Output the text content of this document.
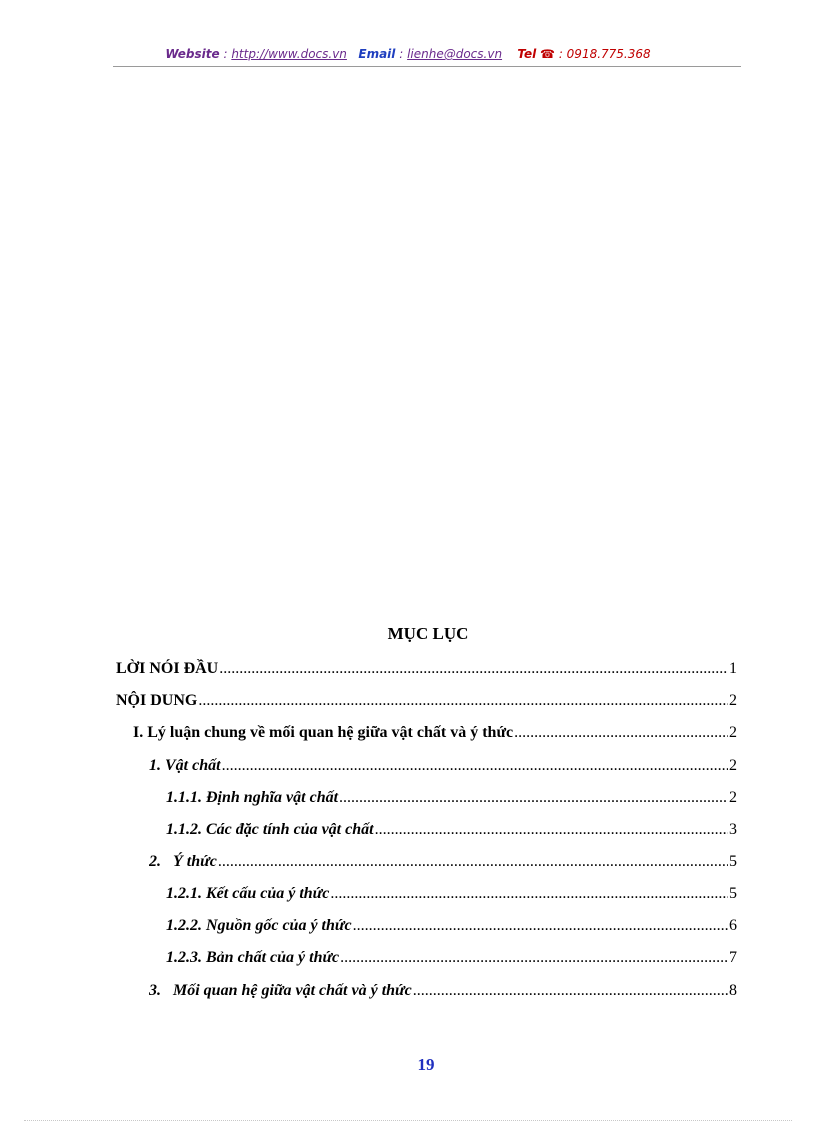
Website : http://www.docs.vn Email : lienhe@docs.vn Tel ☎ : 0918.775.368
MỤC LỤC
LỜI NÓI ĐẦU .....	1
NỘI DUNG .....	2
I. Lý luận chung về mối quan hệ giữa vật chất và ý thức .....	2
1. Vật chất .....	2
1.1.1. Định nghĩa vật chất .....	2
1.1.2. Các đặc tính của vật chất .....	3
2.   Ý thức .....	5
1.2.1. Kết cấu của ý thức .....	5
1.2.2. Nguồn gốc của ý thức .....	6
1.2.3. Bản chất của ý thức .....	7
3.   Mối quan hệ giữa vật chất và ý thức .....	8
19
